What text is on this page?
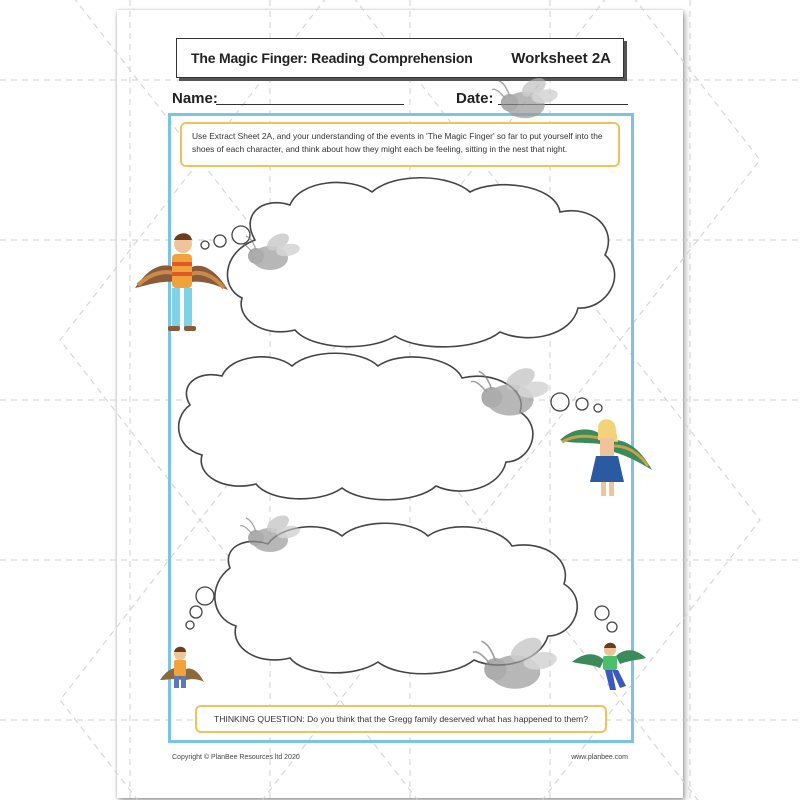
The Magic Finger: Reading Comprehension	Worksheet 2A
Name:	Date:
Use Extract Sheet 2A, and your understanding of the events in 'The Magic Finger' so far to put yourself into the shoes of each character, and think about how they might each be feeling, sitting in the nest that night.
THINKING QUESTION: Do you think that the Gregg family deserved what has happened to them?
Copyright © PlanBee Resources ltd 2020	www.planbee.com
